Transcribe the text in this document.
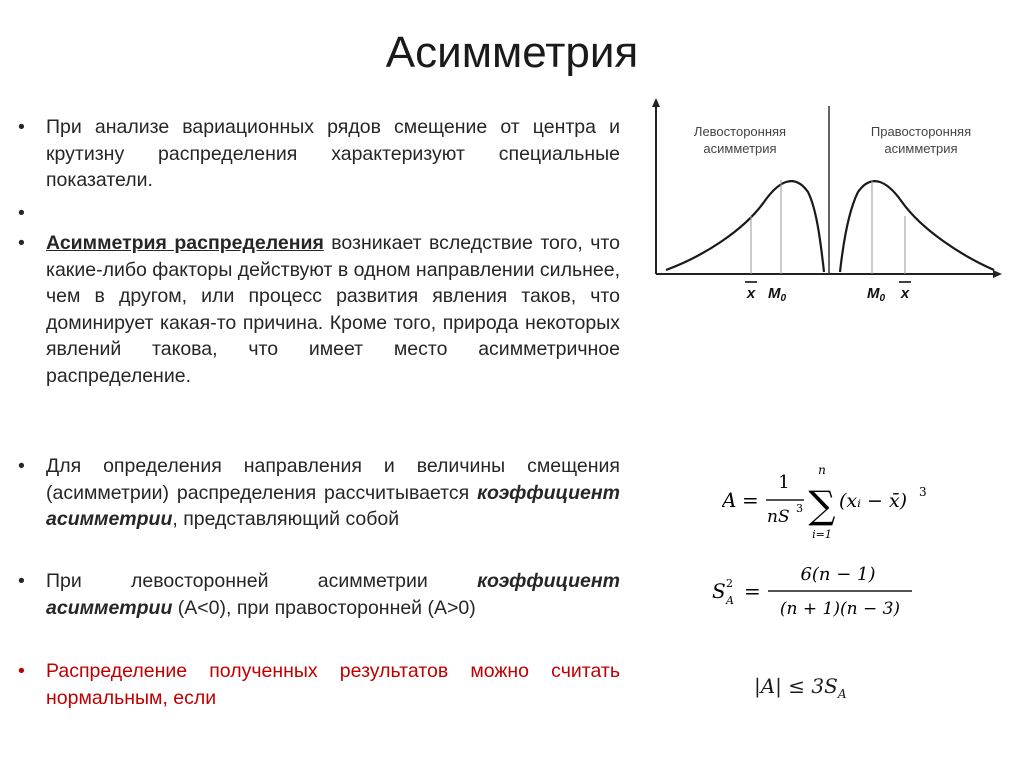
Асимметрия
•	При анализе вариационных рядов смещение от центра и крутизну распределения характеризуют специальные показатели.
•
•	Асимметрия распределения возникает вследствие того, что какие-либо факторы действуют в одном направлении сильнее, чем в другом, или процесс развития явления таков, что доминирует какая-то причина. Кроме того, природа некоторых явлений такова, что имеет место асимметричное распределение.
•	Для определения направления и величины смещения (асимметрии) распределения рассчитывается коэффициент асимметрии, представляющий собой
•	При левосторонней асимметрии коэффициент асимметрии (А<0), при правосторонней (А>0)
•	Распределение полученных результатов можно считать нормальным, если
Левосторонняя
асимметрия
Правосторонняя
асимметрия
x $M_0$	$M_0$ x
A =
1
nS 3
n
∑
i=1
(xᵢ − x̄) 3
S 2
A =
6(n − 1)
(n + 1)(n − 3)
$|A| \le 3S_A$
